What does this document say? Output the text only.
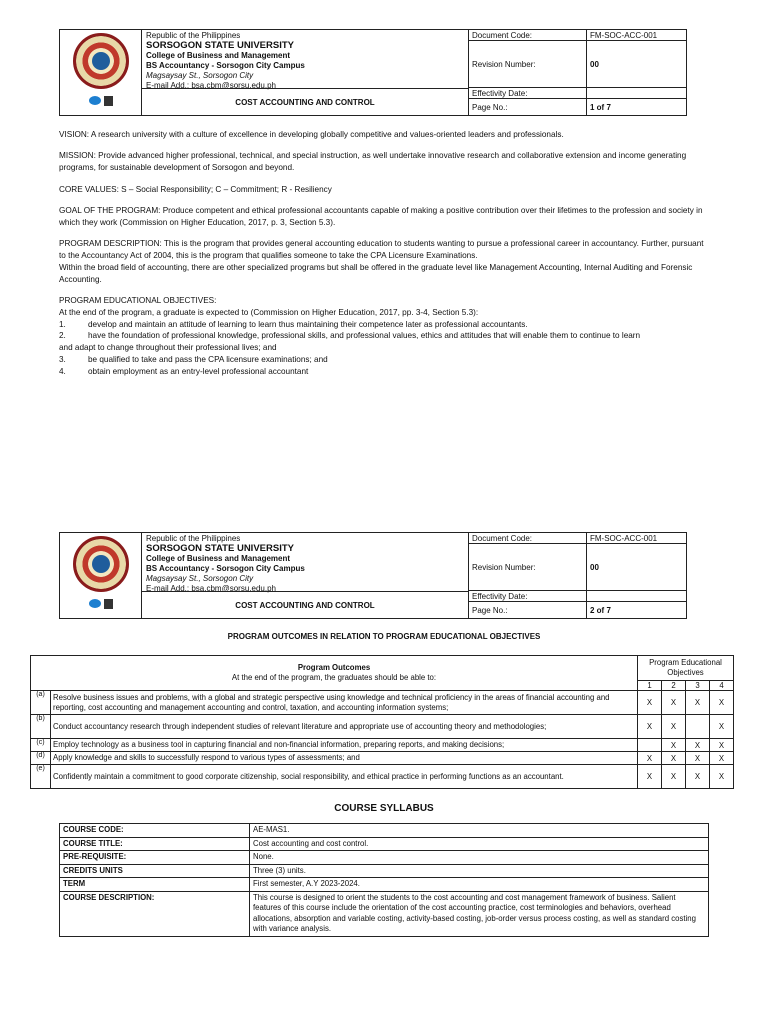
Republic of the Philippines
SORSOGON STATE UNIVERSITY
College of Business and Management
BS Accountancy - Sorsogon City Campus
Magsaysay St., Sorsogon City
E-mail Add.: bsa.cbm@sorsu.edu.ph
COST ACCOUNTING AND CONTROL
Document Code:	FM-SOC-ACC-001
Revision Number:	00
Effectivity Date:
Page No.:	1 of 7

VISION: A research university with a culture of excellence in developing globally competitive and values-oriented leaders and professionals.

MISSION: Provide advanced higher professional, technical, and special instruction, as well undertake innovative research and collaborative extension and income generating programs, for sustainable development of Sorsogon and beyond.

CORE VALUES: S – Social Responsibility; C – Commitment; R - Resiliency

GOAL OF THE PROGRAM: Produce competent and ethical professional accountants capable of making a positive contribution over their lifetimes to the profession and society in which they work (Commission on Higher Education, 2017, p. 3, Section 5.3).

PROGRAM DESCRIPTION: This is the program that provides general accounting education to students wanting to pursue a professional career in accountancy. Further, pursuant to the Accountancy Act of 2004, this is the program that qualifies someone to take the CPA Licensure Examinations.
Within the broad field of accounting, there are other specialized programs but shall be offered in the graduate level like Management Accounting, Internal Auditing and Forensic Accounting.
PROGRAM EDUCATIONAL OBJECTIVES:
At the end of the program, a graduate is expected to (Commission on Higher Education, 2017, pp. 3-4, Section 5.3):
1.	develop and maintain an attitude of learning to learn thus maintaining their competence later as professional accountants.
2.	have the foundation of professional knowledge, professional skills, and professional values, ethics and attitudes that will enable them to continue to learn
and adapt to change throughout their professional lives; and
3.	be qualified to take and pass the CPA licensure examinations; and
4.	obtain employment as an entry-level professional accountant
Republic of the Philippines
SORSOGON STATE UNIVERSITY
College of Business and Management
BS Accountancy - Sorsogon City Campus
Magsaysay St., Sorsogon City
E-mail Add.: bsa.cbm@sorsu.edu.ph
COST ACCOUNTING AND CONTROL
Document Code:	FM-SOC-ACC-001
Revision Number:	00
Effectivity Date:
Page No.:	2 of 7
PROGRAM OUTCOMES IN RELATION TO PROGRAM EDUCATIONAL OBJECTIVES
Program Outcomes
At the end of the program, the graduates should be able to:		Program Educational Objectives			
		1	2	3	4
(a)	Resolve business issues and problems, with a global and strategic perspective using knowledge and technical proficiency in the areas of financial accounting and reporting, cost accounting and management accounting and control, taxation, and accounting information systems;	X	X	X	X
(b)	Conduct accountancy research through independent studies of relevant literature and appropriate use of accounting theory and methodologies;	X	X		X
(c)	Employ technology as a business tool in capturing financial and non-financial information, preparing reports, and making decisions;		X	X	X
(d)	Apply knowledge and skills to successfully respond to various types of assessments; and	X	X	X	X
(e)	Confidently maintain a commitment to good corporate citizenship, social responsibility, and ethical practice in performing functions as an accountant.	X	X	X	X
COURSE SYLLABUS
COURSE CODE:	AE-MAS1.
COURSE TITLE:	Cost accounting and cost control.
PRE-REQUISITE:	None.
CREDITS UNITS	Three (3) units.
TERM	First semester, A.Y 2023-2024.
COURSE DESCRIPTION:	This course is designed to orient the students to the cost accounting and cost management framework of business. Salient features of this course include the orientation of the cost accounting practice, cost terminologies and behaviors, overhead allocations, absorption and variable costing, activity-based costing, job-order versus process costing, as well as standard costing with variance analysis.
